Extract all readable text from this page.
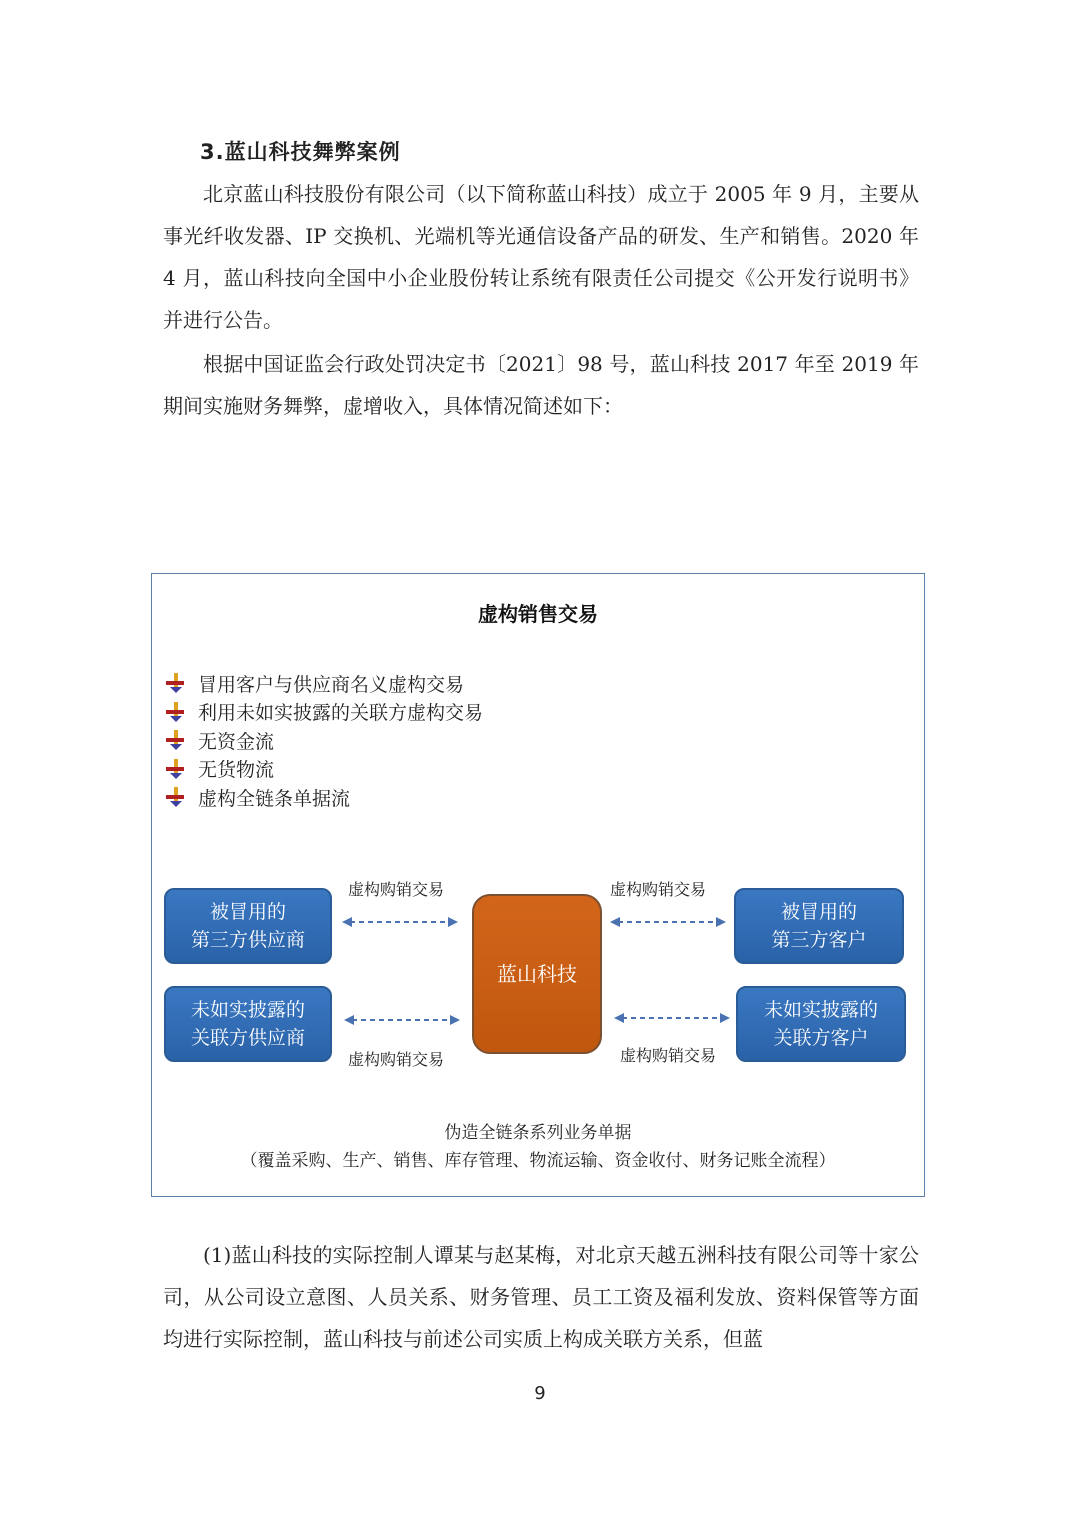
3.蓝山科技舞弊案例

北京蓝山科技股份有限公司（以下简称蓝山科技）成立于 2005 年 9 月，主要从事光纤收发器、IP 交换机、光端机等光通信设备产品的研发、生产和销售。2020 年 4 月，蓝山科技向全国中小企业股份转让系统有限责任公司提交《公开发行说明书》并进行公告。

根据中国证监会行政处罚决定书〔2021〕98 号，蓝山科技 2017 年至 2019 年期间实施财务舞弊，虚增收入，具体情况简述如下：

虚构销售交易
冒用客户与供应商名义虚构交易
利用未如实披露的关联方虚构交易
无资金流
无货物流
虚构全链条单据流
被冒用的
第三方供应商
未如实披露的
关联方供应商
蓝山科技
被冒用的
第三方客户
未如实披露的
关联方客户
虚构购销交易	虚构购销交易
虚构购销交易	虚构购销交易
伪造全链条系列业务单据
（覆盖采购、生产、销售、库存管理、物流运输、资金收付、财务记账全流程）

(1)蓝山科技的实际控制人谭某与赵某梅，对北京天越五洲科技有限公司等十家公司，从公司设立意图、人员关系、财务管理、员工工资及福利发放、资料保管等方面均进行实际控制，蓝山科技与前述公司实质上构成关联方关系，但蓝

9
